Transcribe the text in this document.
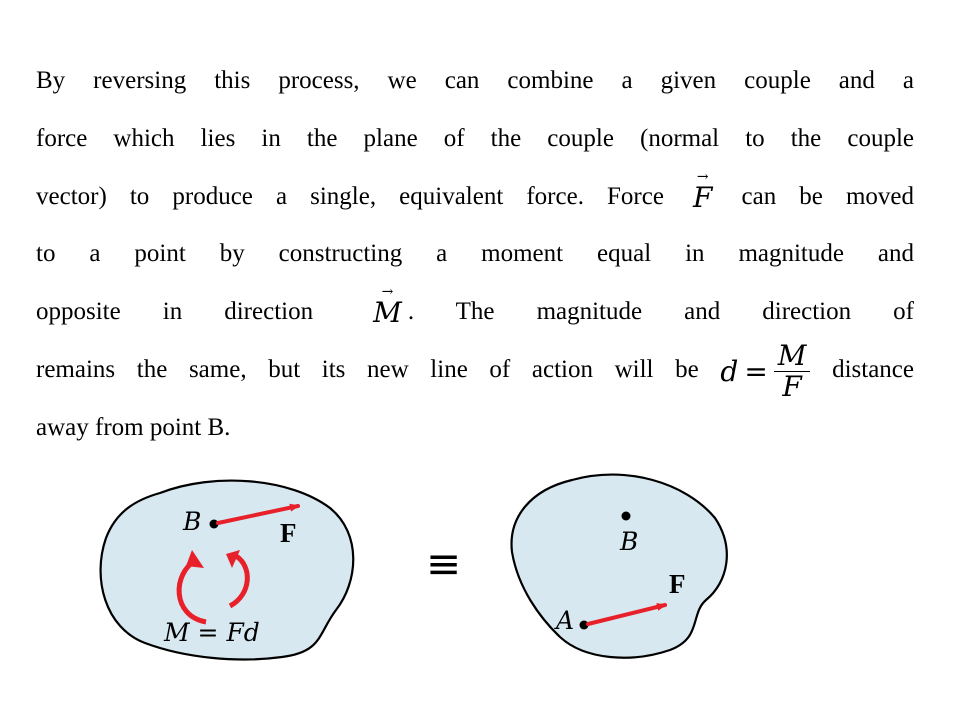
By reversing this process, we can combine a given couple and a
force which lies in the plane of the couple (normal to the couple
vector) to produce a single, equivalent force. Force
→
F can be moved
to a point by constructing a moment equal in magnitude and
opposite in direction
→
M . The magnitude and direction of
remains the same, but its new line of action will be $d = \frac{M}{F}$ distance
away from point B.
B	F
M = Fd
≡	B
A
F
